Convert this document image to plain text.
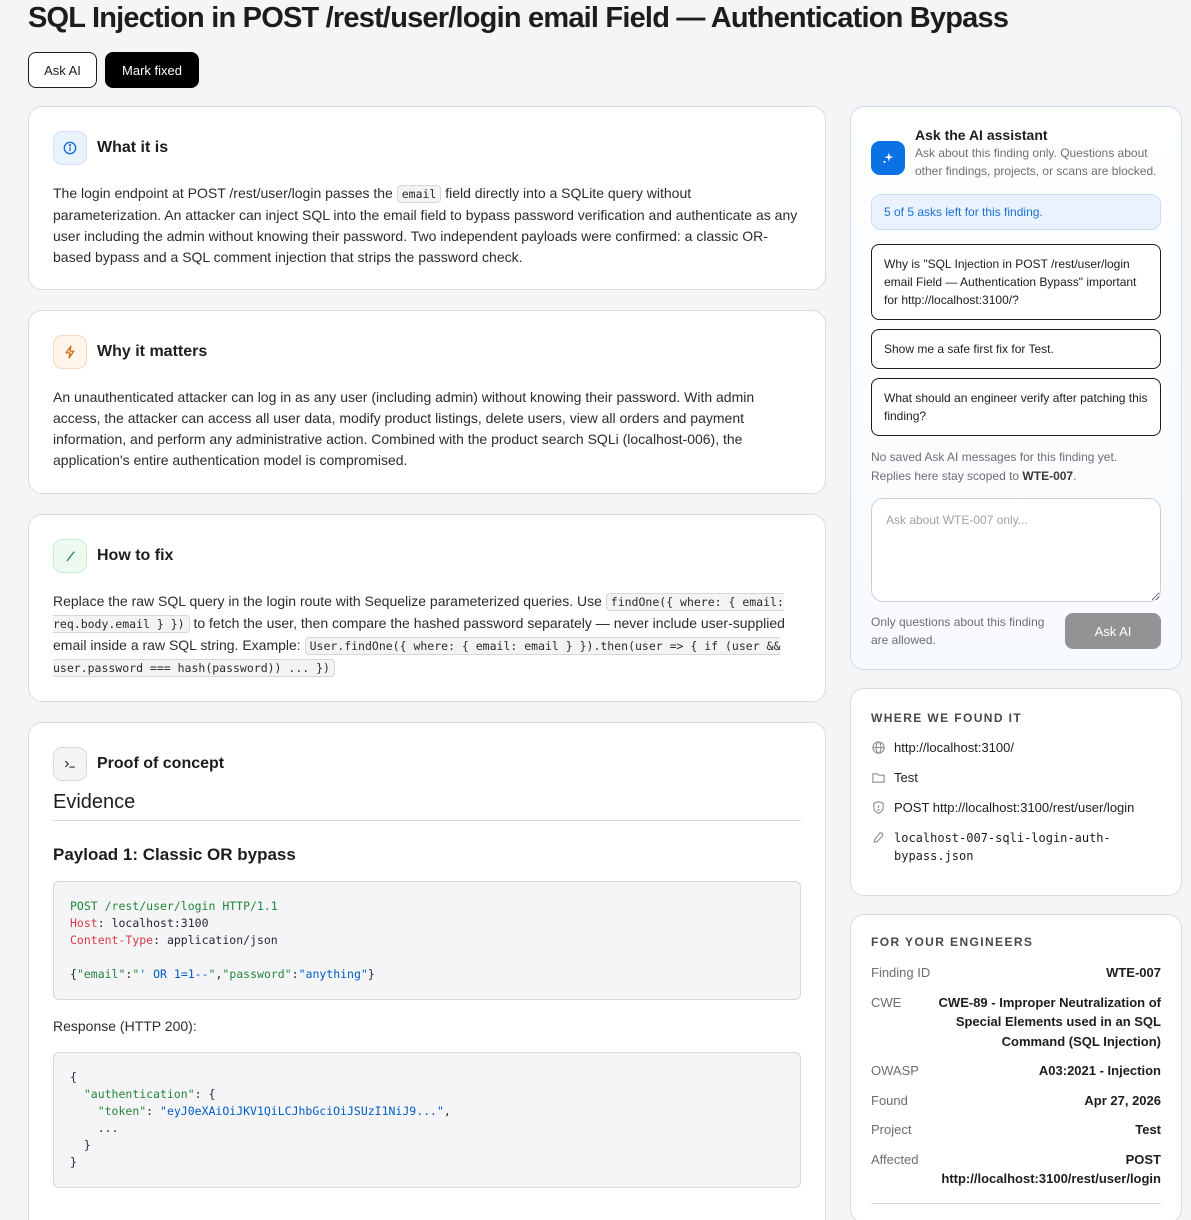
SQL Injection in POST /rest/user/login email Field — Authentication Bypass
Ask AI	Mark fixed
What it is

The login endpoint at POST /rest/user/login passes the email field directly into a SQLite query without parameterization. An attacker can inject SQL into the email field to bypass password verification and authenticate as any user including the admin without knowing their password. Two independent payloads were confirmed: a classic OR-based bypass and a SQL comment injection that strips the password check.

Why it matters

An unauthenticated attacker can log in as any user (including admin) without knowing their password. With admin access, the attacker can access all user data, modify product listings, delete users, view all orders and payment information, and perform any administrative action. Combined with the product search SQLi (localhost-006), the application's entire authentication model is compromised.

How to fix

Replace the raw SQL query in the login route with Sequelize parameterized queries. Use findOne({ where: { email: req.body.email } }) to fetch the user, then compare the hashed password separately — never include user-supplied email inside a raw SQL string. Example: User.findOne({ where: { email: email } }).then(user => { if (user && user.password === hash(password)) ... })

Proof of concept
Evidence
Payload 1: Classic OR bypass
POST /rest/user/login HTTP/1.1
Host: localhost:3100
Content-Type: application/json

{"email":"' OR 1=1--","password":"anything"}

Response (HTTP 200):

{
"authentication": {
"token": "eyJ0eXAiOiJKV1QiLCJhbGciOiJSUzI1NiJ9...",
...
}
}
Ask the AI assistant
Ask about this finding only. Questions about other findings, projects, or scans are blocked.
5 of 5 asks left for this finding.
Why is "SQL Injection in POST /rest/user/login email Field — Authentication Bypass" important for http://localhost:3100/?
Show me a safe first fix for Test.
What should an engineer verify after patching this finding?
No saved Ask AI messages for this finding yet.
Replies here stay scoped to WTE-007.
Ask about WTE-007 only...
Only questions about this finding are allowed.
Ask AI
WHERE WE FOUND IT
http://localhost:3100/
Test
POST http://localhost:3100/rest/user/login
localhost-007-sqli-login-auth-bypass.json
FOR YOUR ENGINEERS
Finding ID	WTE-007
CWE	CWE-89 - Improper Neutralization of Special Elements used in an SQL Command (SQL Injection)
OWASP	A03:2021 - Injection
Found	Apr 27, 2026
Project	Test
Affected	POST http://localhost:3100/rest/user/login
